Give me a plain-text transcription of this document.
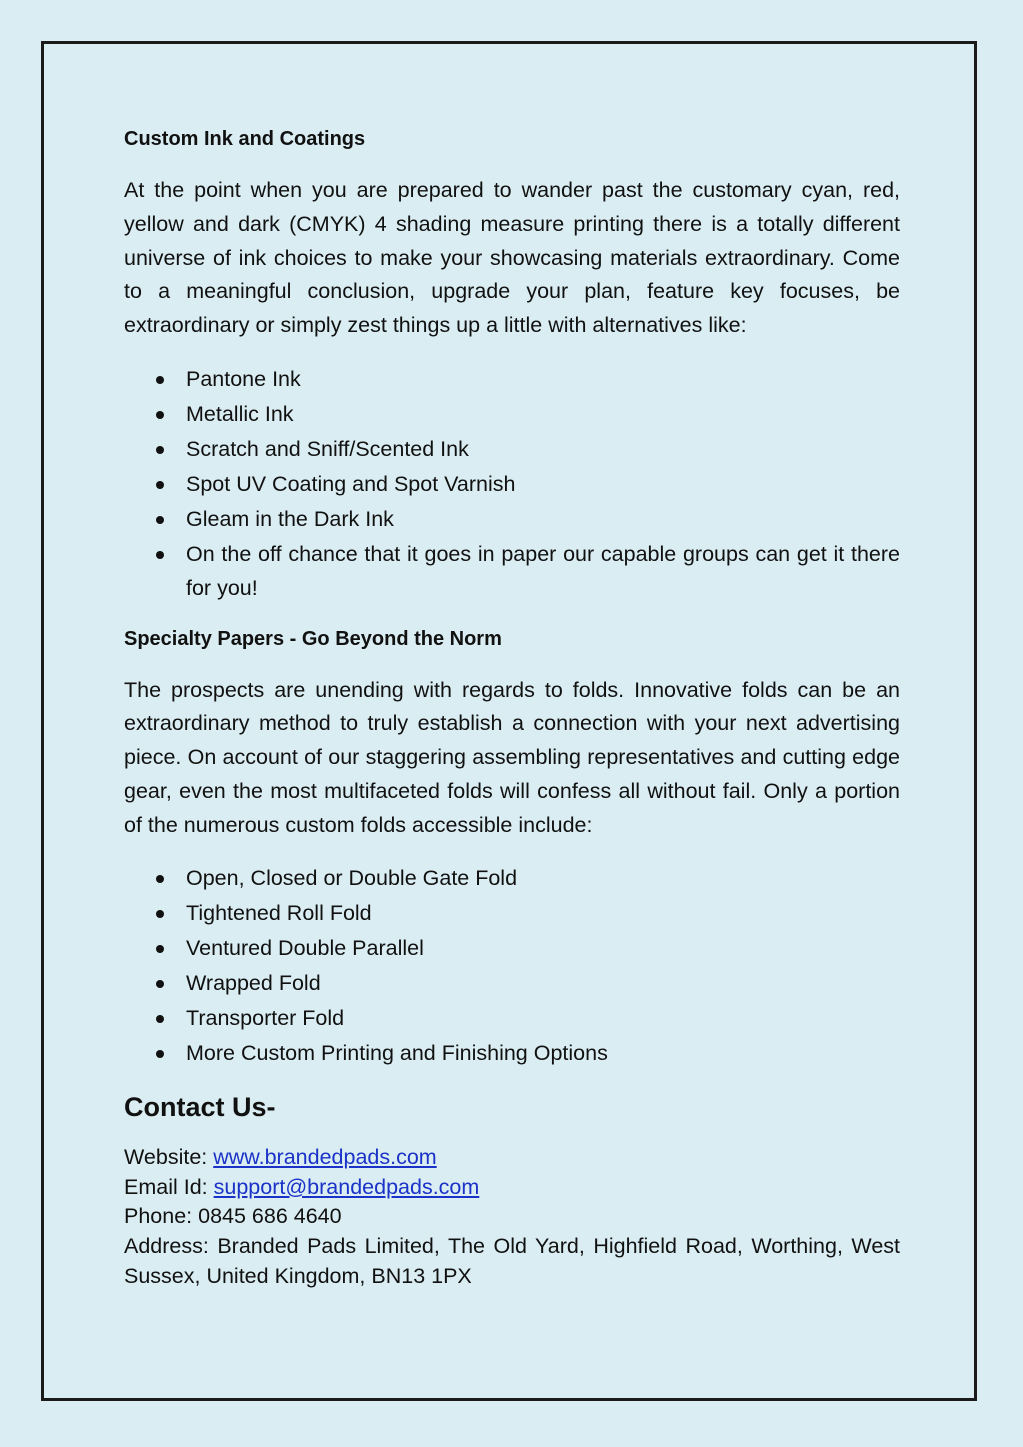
Custom Ink and Coatings

At the point when you are prepared to wander past the customary cyan, red, yellow and dark (CMYK) 4 shading measure printing there is a totally different universe of ink choices to make your showcasing materials extraordinary. Come to a meaningful conclusion, upgrade your plan, feature key focuses, be extraordinary or simply zest things up a little with alternatives like:

Pantone Ink
Metallic Ink
Scratch and Sniff/Scented Ink
Spot UV Coating and Spot Varnish
Gleam in the Dark Ink
On the off chance that it goes in paper our capable groups can get it there for you!
Specialty Papers - Go Beyond the Norm

The prospects are unending with regards to folds. Innovative folds can be an extraordinary method to truly establish a connection with your next advertising piece. On account of our staggering assembling representatives and cutting edge gear, even the most multifaceted folds will confess all without fail. Only a portion of the numerous custom folds accessible include:

Open, Closed or Double Gate Fold
Tightened Roll Fold
Ventured Double Parallel
Wrapped Fold
Transporter Fold
More Custom Printing and Finishing Options
Contact Us-

Website: www.brandedpads.com

Email Id: support@brandedpads.com

Phone: 0845 686 4640

Address: Branded Pads Limited, The Old Yard, Highfield Road, Worthing, West Sussex, United Kingdom, BN13 1PX
